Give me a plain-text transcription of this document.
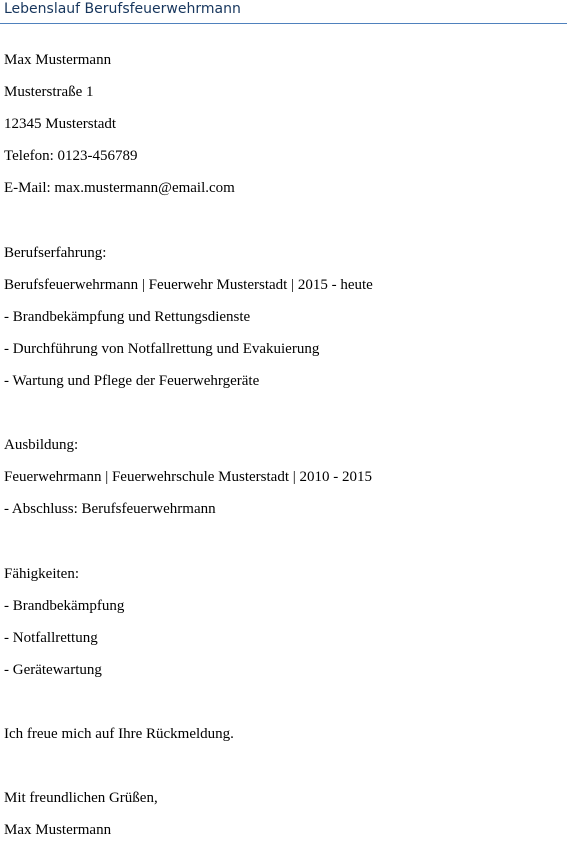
Lebenslauf Berufsfeuerwehrmann
Max Mustermann
Musterstraße 1
12345 Musterstadt
Telefon: 0123-456789
E-Mail: max.mustermann@email.com
Berufserfahrung:
Berufsfeuerwehrmann | Feuerwehr Musterstadt | 2015 - heute
- Brandbekämpfung und Rettungsdienste
- Durchführung von Notfallrettung und Evakuierung
- Wartung und Pflege der Feuerwehrgeräte
Ausbildung:
Feuerwehrmann | Feuerwehrschule Musterstadt | 2010 - 2015
- Abschluss: Berufsfeuerwehrmann
Fähigkeiten:
- Brandbekämpfung
- Notfallrettung
- Gerätewartung
Ich freue mich auf Ihre Rückmeldung.
Mit freundlichen Grüßen,
Max Mustermann
